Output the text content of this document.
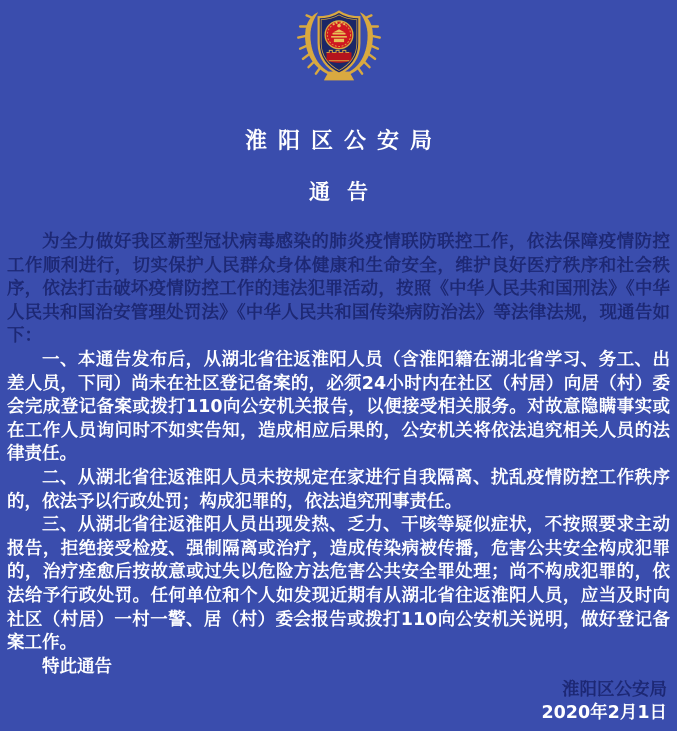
淮阳区公安局
通告

为全力做好我区新型冠状病毒感染的肺炎疫情联防联控工作，依法保障疫情防控工作顺利进行，切实保护人民群众身体健康和生命安全，维护良好医疗秩序和社会秩序，依法打击破坏疫情防控工作的违法犯罪活动，按照《中华人民共和国刑法》《中华人民共和国治安管理处罚法》《中华人民共和国传染病防治法》等法律法规，现通告如下：

一、本通告发布后，从湖北省往返淮阳人员（含淮阳籍在湖北省学习、务工、出差人员，下同）尚未在社区登记备案的，必须24小时内在社区（村居）向居（村）委会完成登记备案或拨打110向公安机关报告，以便接受相关服务。对故意隐瞒事实或在工作人员询问时不如实告知，造成相应后果的，公安机关将依法追究相关人员的法律责任。

二、从湖北省往返淮阳人员未按规定在家进行自我隔离、扰乱疫情防控工作秩序的，依法予以行政处罚；构成犯罪的，依法追究刑事责任。

三、从湖北省往返淮阳人员出现发热、乏力、干咳等疑似症状，不按照要求主动报告，拒绝接受检疫、强制隔离或治疗，造成传染病被传播，危害公共安全构成犯罪的，治疗痊愈后按故意或过失以危险方法危害公共安全罪处理；尚不构成犯罪的，依法给予行政处罚。任何单位和个人如发现近期有从湖北省往返淮阳人员，应当及时向社区（村居）一村一警、居（村）委会报告或拨打110向公安机关说明，做好登记备案工作。

特此通告

淮阳区公安局
2020年2月1日
